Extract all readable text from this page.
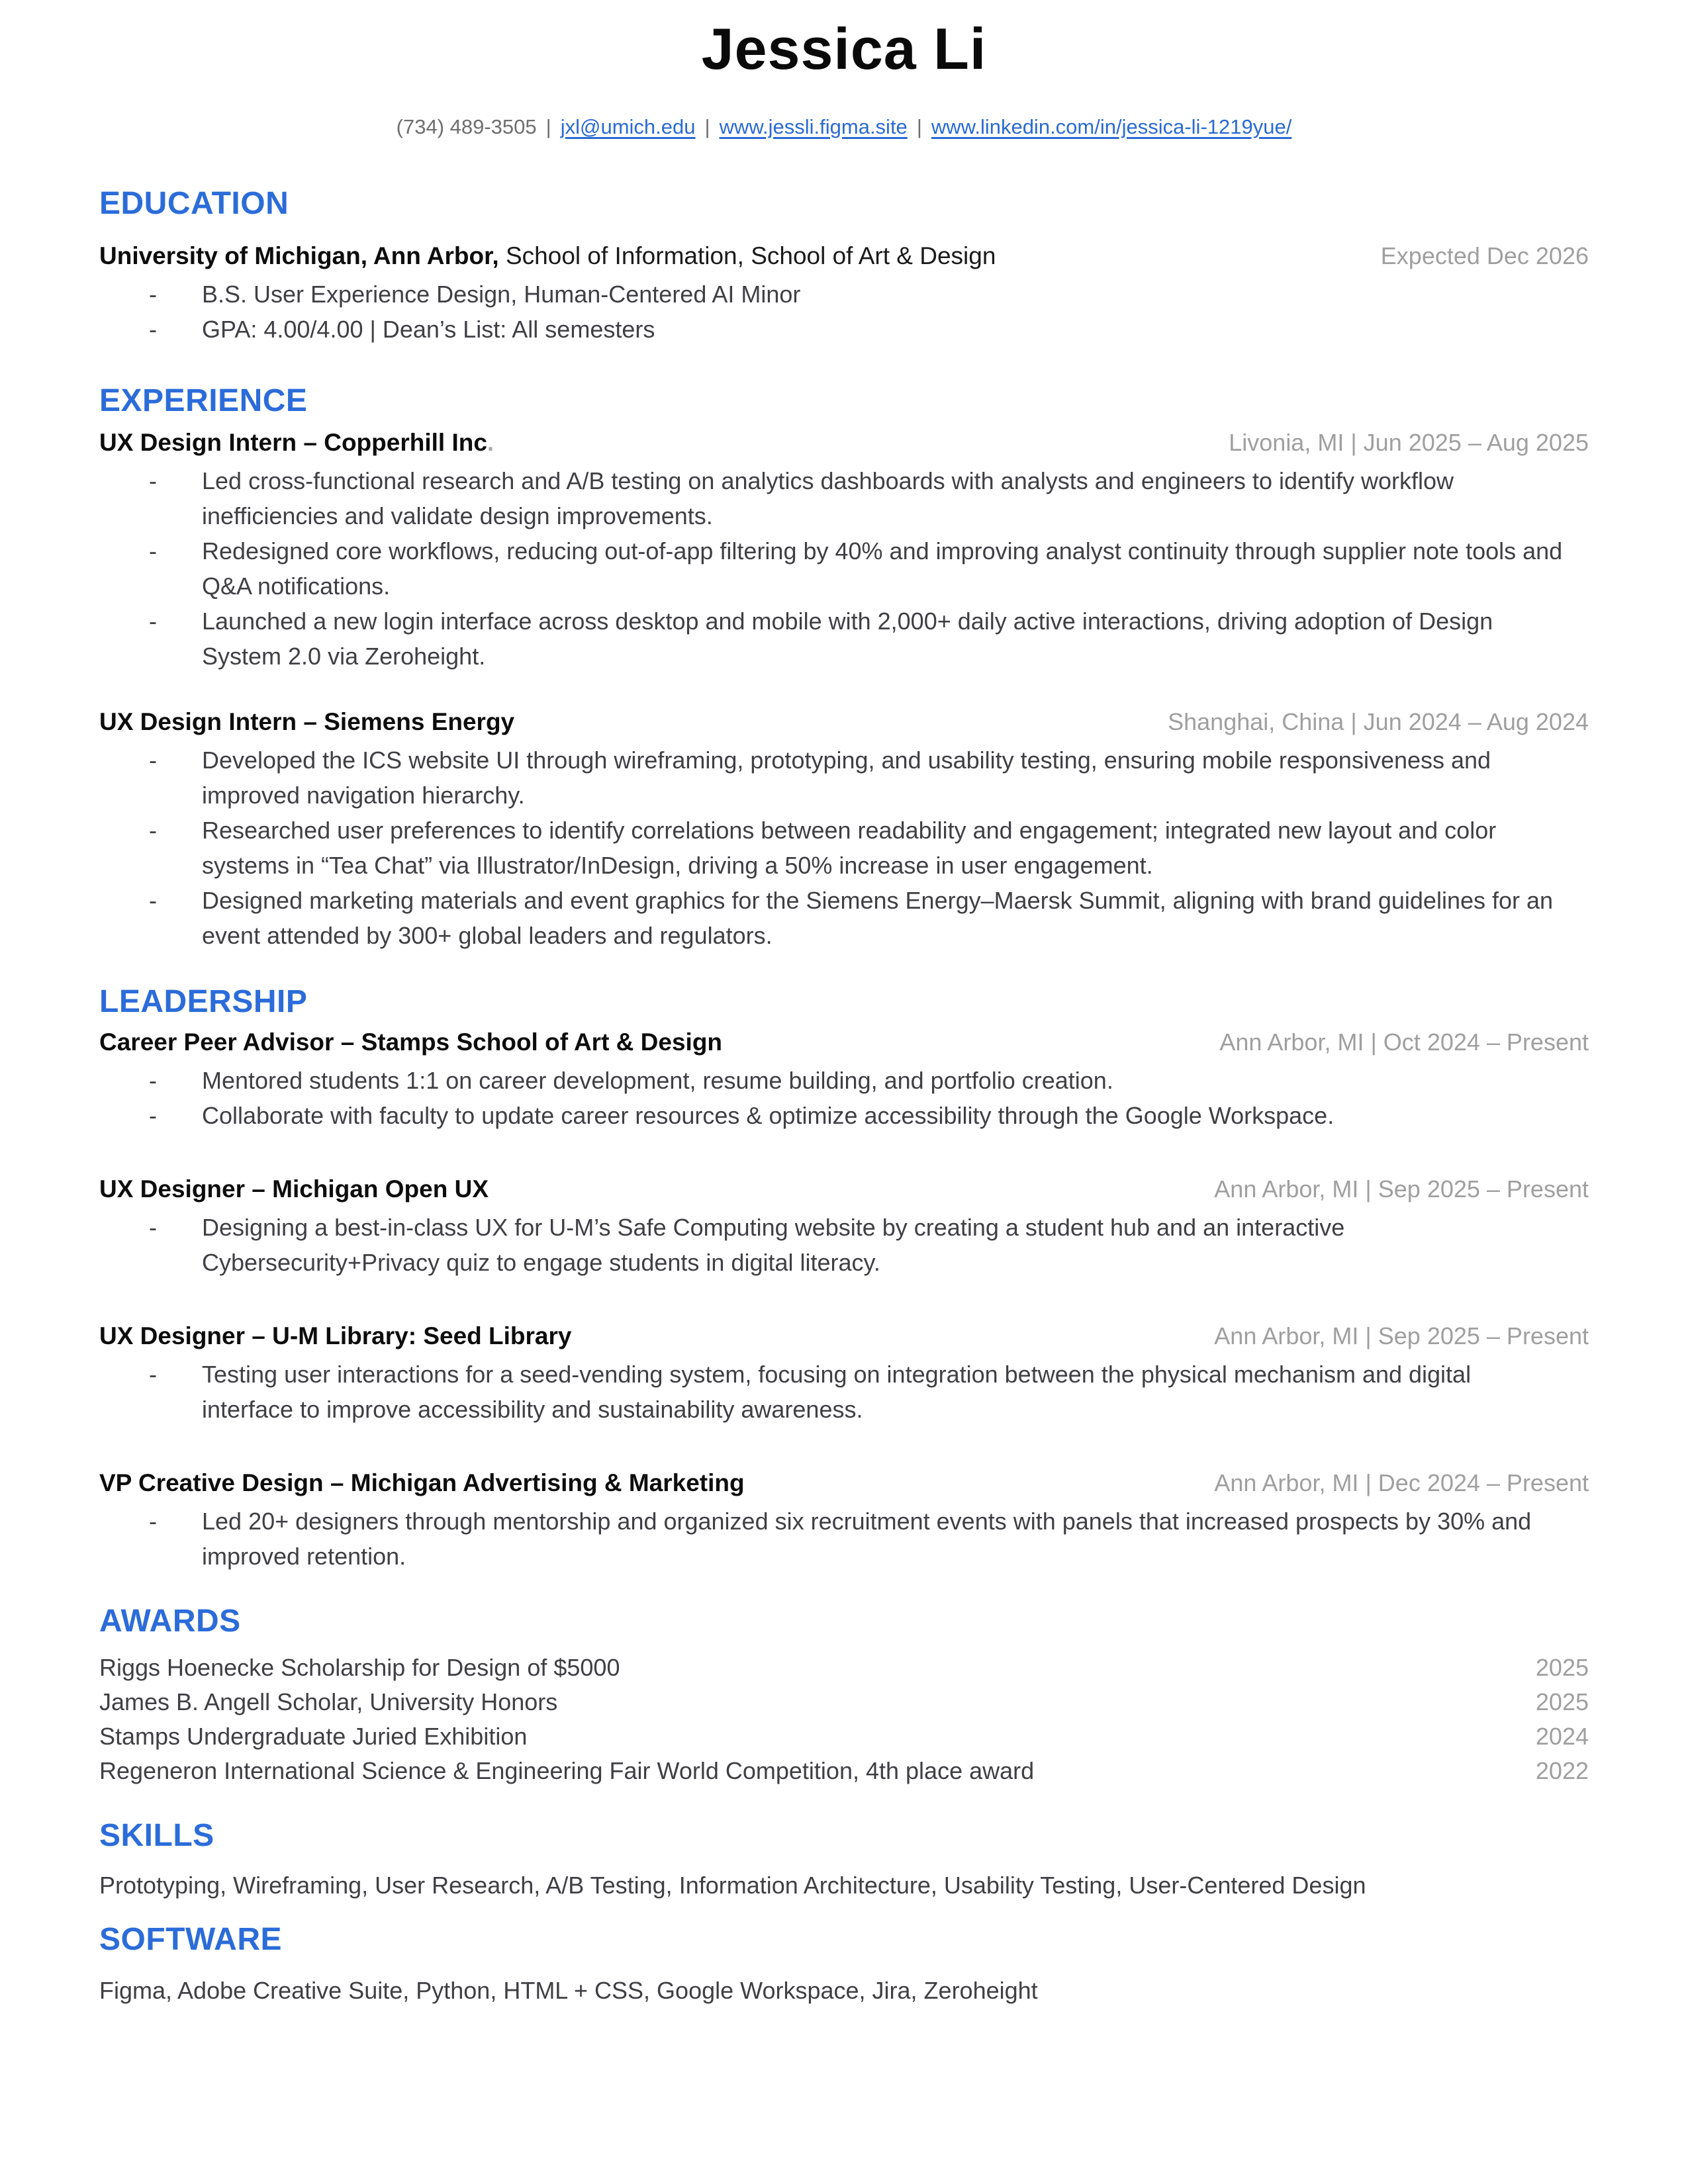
Jessica Li
(734) 489-3505 | jxl@umich.edu | www.jessli.figma.site | www.linkedin.com/in/jessica-li-1219yue/
EDUCATION
University of Michigan, Ann Arbor, School of Information, School of Art & Design	Expected Dec 2026
-	B.S. User Experience Design, Human-Centered AI Minor
-	GPA: 4.00/4.00 | Dean’s List: All semesters
EXPERIENCE
UX Design Intern – Copperhill Inc.	Livonia, MI | Jun 2025 – Aug 2025
-	Led cross-functional research and A/B testing on analytics dashboards with analysts and engineers to identify workflow inefficiencies and validate design improvements.
-	Redesigned core workflows, reducing out-of-app filtering by 40% and improving analyst continuity through supplier note tools and Q&A notifications.
-	Launched a new login interface across desktop and mobile with 2,000+ daily active interactions, driving adoption of Design System 2.0 via Zeroheight.
UX Design Intern – Siemens Energy	Shanghai, China | Jun 2024 – Aug 2024
-	Developed the ICS website UI through wireframing, prototyping, and usability testing, ensuring mobile responsiveness and improved navigation hierarchy.
-	Researched user preferences to identify correlations between readability and engagement; integrated new layout and color systems in “Tea Chat” via Illustrator/InDesign, driving a 50% increase in user engagement.
-	Designed marketing materials and event graphics for the Siemens Energy–Maersk Summit, aligning with brand guidelines for an event attended by 300+ global leaders and regulators.
LEADERSHIP
Career Peer Advisor – Stamps School of Art & Design	Ann Arbor, MI | Oct 2024 – Present
-	Mentored students 1:1 on career development, resume building, and portfolio creation.
-	Collaborate with faculty to update career resources & optimize accessibility through the Google Workspace.
UX Designer – Michigan Open UX	Ann Arbor, MI | Sep 2025 – Present
-	Designing a best-in-class UX for U-M’s Safe Computing website by creating a student hub and an interactive Cybersecurity+Privacy quiz to engage students in digital literacy.
UX Designer – U-M Library: Seed Library	Ann Arbor, MI | Sep 2025 – Present
-	Testing user interactions for a seed-vending system, focusing on integration between the physical mechanism and digital interface to improve accessibility and sustainability awareness.
VP Creative Design – Michigan Advertising & Marketing	Ann Arbor, MI | Dec 2024 – Present
-	Led 20+ designers through mentorship and organized six recruitment events with panels that increased prospects by 30% and improved retention.
AWARDS
Riggs Hoenecke Scholarship for Design of $5000	2025
James B. Angell Scholar, University Honors	2025
Stamps Undergraduate Juried Exhibition	2024
Regeneron International Science & Engineering Fair World Competition, 4th place award	2022
SKILLS

Prototyping, Wireframing, User Research, A/B Testing, Information Architecture, Usability Testing, User-Centered Design

SOFTWARE

Figma, Adobe Creative Suite, Python, HTML + CSS, Google Workspace, Jira, Zeroheight
